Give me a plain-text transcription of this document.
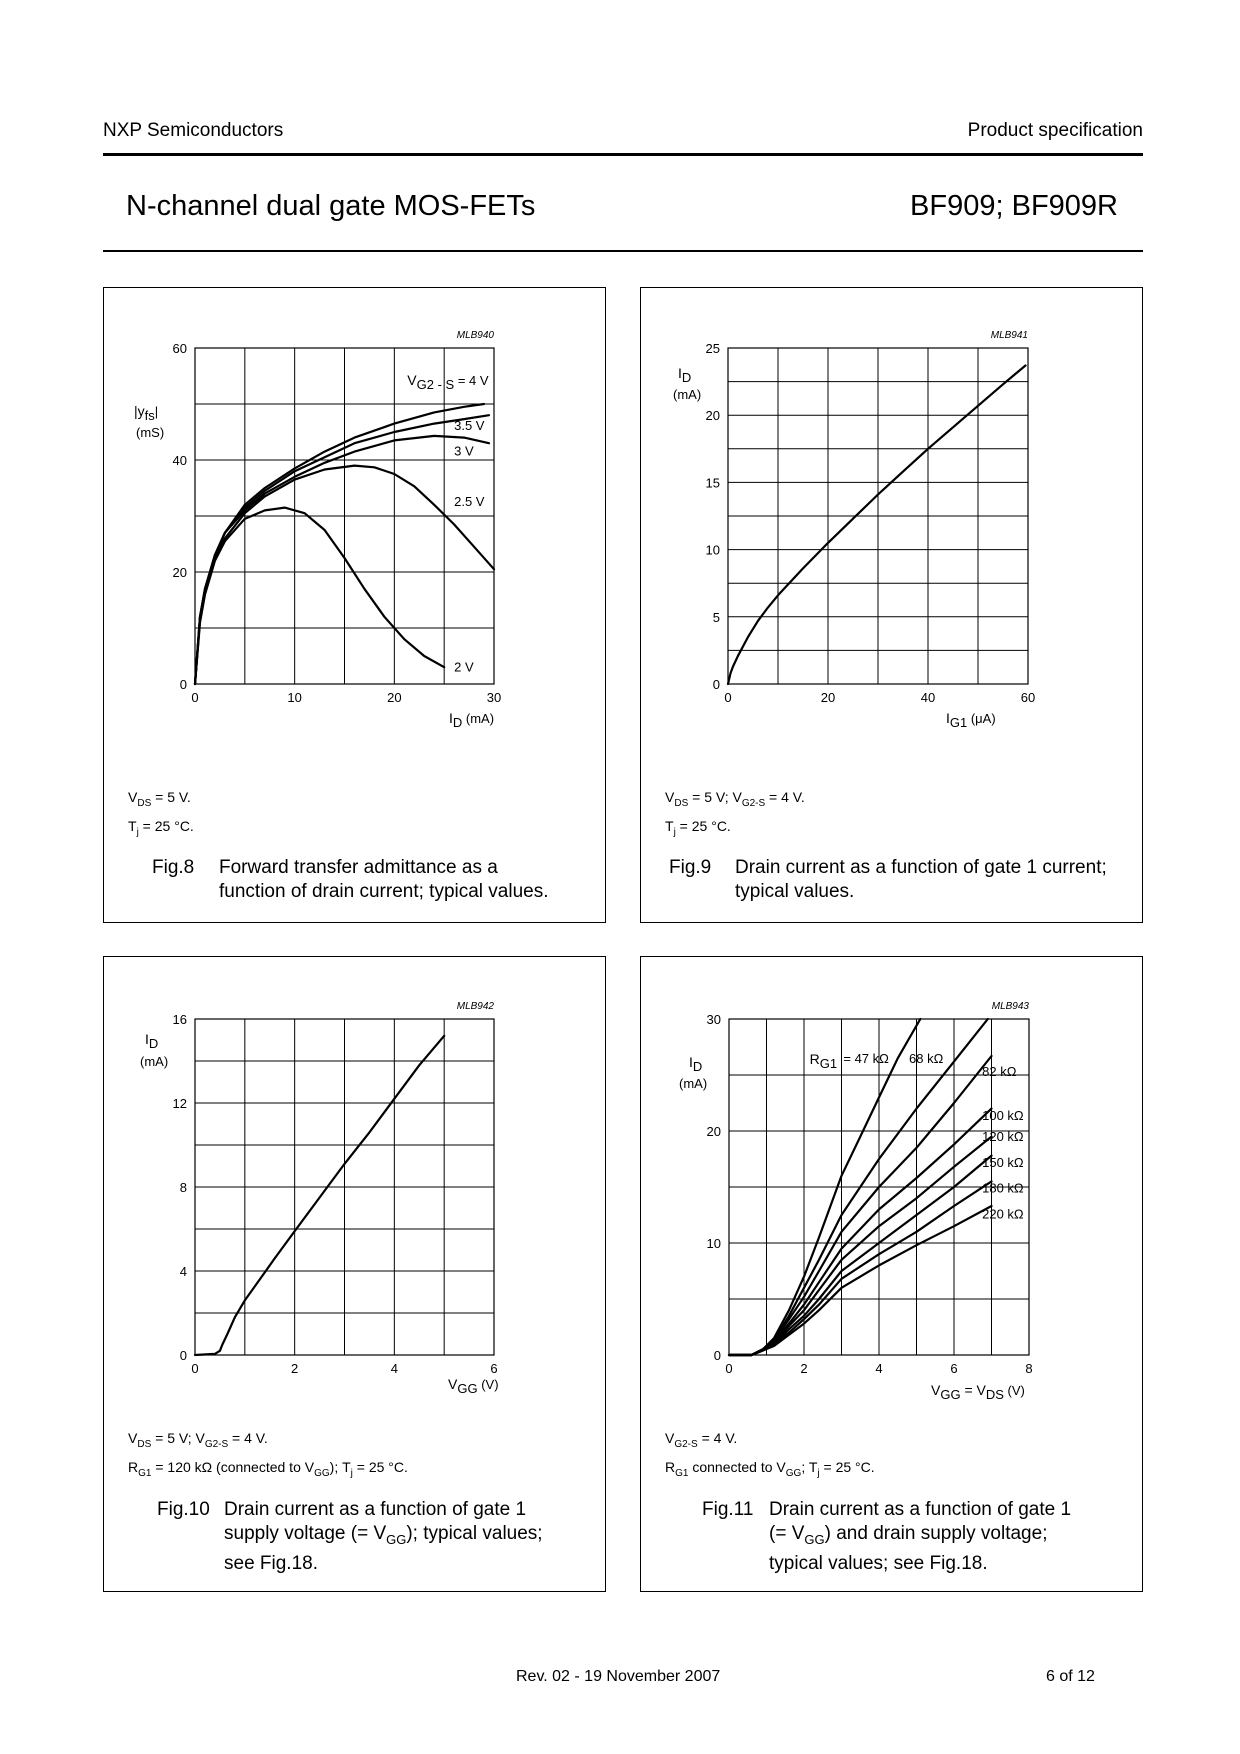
NXP Semiconductors	Product specification
N-channel dual gate MOS-FETs	BF909; BF909R
0	10	20	30
0
20
40
60
MLB940
|yfs|
(mS)
ID (mA)
VG2 - S = 4 V
3.5 V
3 V
2.5 V
2 V
$V_{DS} = 5$ V.
$T_j = 25$ °C.
Fig.8	Forward transfer admittance as a
function of drain current; typical values.
0	20	40	60
0
5
10
15
20
25
MLB941
ID
(mA)
IG1 (μA)
$V_{DS} = 5$ V; $V_{G2-S} = 4$ V.
$T_j = 25$ °C.
Fig.9	Drain current as a function of gate 1 current;
typical values.
0	2	4	6
0
4
8
12
16
MLB942
ID
(mA)
VGG (V)
$V_{DS} = 5$ V; $V_{G2-S} = 4$ V.
$R_{G1} = 120$ kΩ (connected to $V_{GG}$); $T_j = 25$ °C.
Fig.10 Drain current as a function of gate 1
supply voltage (= $V_{GG}$); typical values;
see Fig.18.
0	2	4	6	8
0
10
20
30
MLB943
ID
(mA)
VGG = VDS (V)
RG1 = 47 kΩ 68 kΩ
82 kΩ
100 kΩ
120 kΩ
150 kΩ
180 kΩ
220 kΩ
$V_{G2-S} = 4$ V.
$R_{G1}$ connected to $V_{GG}$; $T_j = 25$ °C.
Fig.11 Drain current as a function of gate 1
(= $V_{GG}$) and drain supply voltage;
typical values; see Fig.18.
Rev. 02 - 19 November 2007	6 of 12
